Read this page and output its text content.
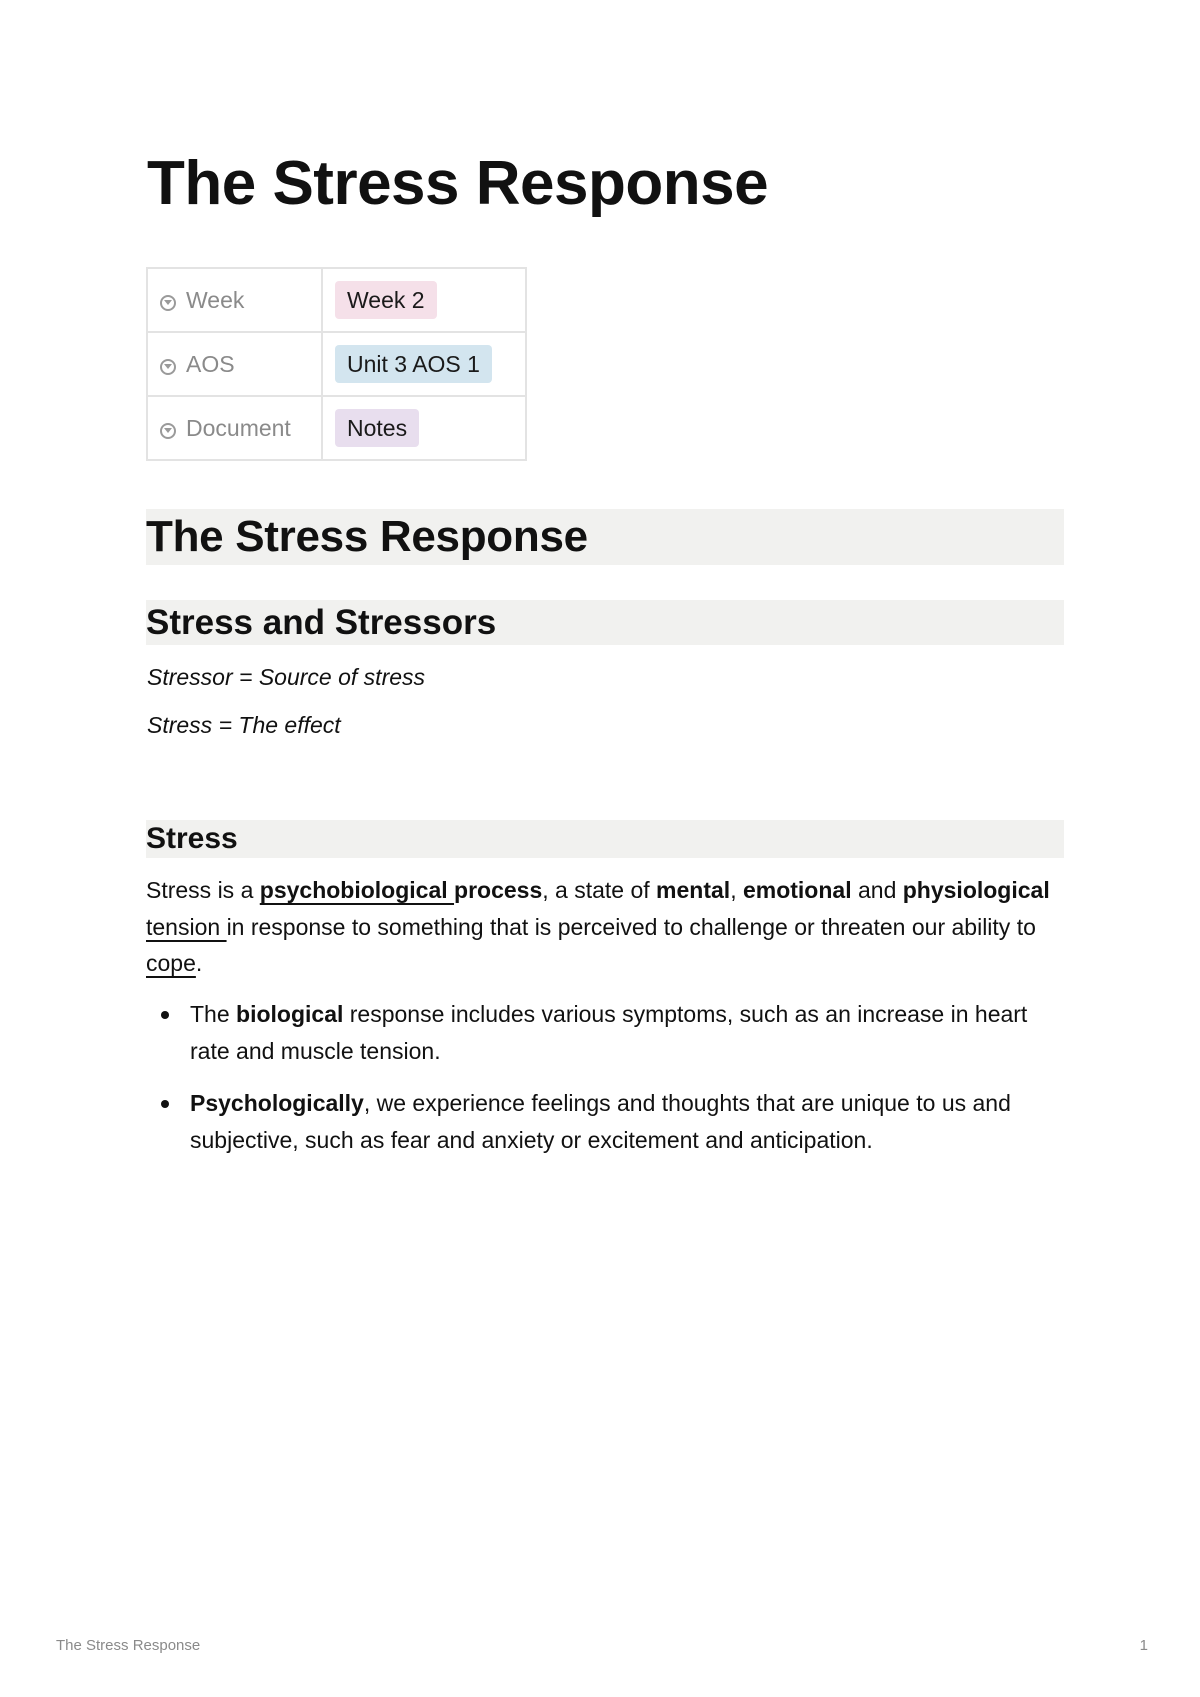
The Stress Response
Week	Week 2
AOS	Unit 3 AOS 1
Document	Notes
The Stress Response
Stress and Stressors

Stressor = Source of stress

Stress = The effect

Stress

Stress is a psychobiological process, a state of mental, emotional and physiological tension in response to something that is perceived to challenge or threaten our ability to cope.

The biological response includes various symptoms, such as an increase in heart rate and muscle tension.
Psychologically, we experience feelings and thoughts that are unique to us and subjective, such as fear and anxiety or excitement and anticipation.
The Stress Response	1
